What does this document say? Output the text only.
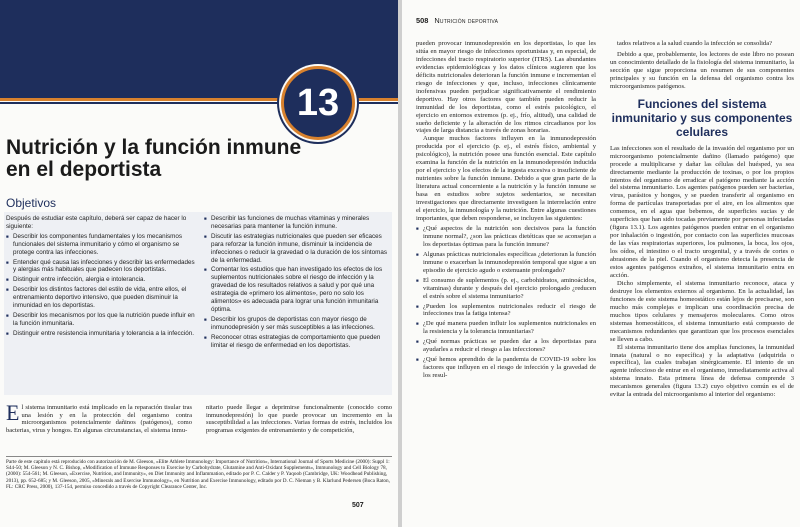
13
Nutrición y la función inmune en el deportista
Objetivos
Después de estudiar este capítulo, deberá ser capaz de hacer lo siguiente:
■ Describir los componentes fundamentales y los mecanismos funcionales del sistema inmunitario y cómo el organismo se protege contra las infecciones.
■ Entender qué causa las infecciones y describir las enfermedades y alergias más habituales que padecen los deportistas.
■ Distinguir entre infección, alergia e intolerancia.
■ Describir los distintos factores del estilo de vida, entre ellos, el entrenamiento deportivo intensivo, que pueden disminuir la inmunidad en los deportistas.
■ Describir los mecanismos por los que la nutrición puede influir en la función inmunitaria.
■ Distinguir entre resistencia inmunitaria y tolerancia a la infección.
■ Describir las funciones de muchas vitaminas y minerales necesarias para mantener la función inmune.
■ Discutir las estrategias nutricionales que pueden ser eficaces para reforzar la función inmune, disminuir la incidencia de infecciones o reducir la gravedad o la duración de los síntomas de la enfermedad.
■ Comentar los estudios que han investigado los efectos de los suplementos nutricionales sobre el riesgo de infección y la gravedad de los resultados relativos a salud y por qué una estrategia de «primero los alimentos», pero no solo los alimentos» es adecuada para lograr una función inmunitaria óptima.
■ Describir los grupos de deportistas con mayor riesgo de inmunodepresión y ser más susceptibles a las infecciones.
■ Reconocer otras estrategias de comportamiento que pueden limitar el riesgo de enfermedad en los deportistas.
El sistema inmunitario está implicado en la reparación tisular tras una lesión y en la protección del organismo contra microorganismos potencialmente dañinos (patógenos), como bacterias, virus y hongos. En algunas circunstancias, el sistema inmu-
nitario puede llegar a deprimirse funcionalmente (conocido como inmunodepresión) lo que puede provocar un incremento en la susceptibilidad a las infecciones. Varias formas de estrés, incluidos los programas exigentes de entrenamiento y de competición,
Parte de este capítulo está reproducido con autorización de M. Gleeson, «Elite Athlete Immunology: Importance of Nutrition», International Journal of Sports Medicine (2000): Suppl 1: S44-50; M. Gleeson y N. C. Bishop, «Modification of Immune Responses to Exercise by Carbohydrate, Glutamine and Anti-Oxidant Supplements», Immunology and Cell Biology 78, (2000): 554-561; M. Gleeson, «Exercise, Nutrition, and Immunity», en Diet Immunity and Inflammation, editado por P. C. Calder y P. Yaqoob (Cambridge, UK: Woodhead Publishing, 2013), pp. 652-685; y M. Gleeson, 2005, «Minerals and Exercise Immunology», en Nutrition and Exercise Immunology, editado por D. C. Nieman y B. Klarlund Pedersen (Boca Raton, FL: CRC Press, 2000), 137-154, permiso concedido a través de Copyright Clearance Center, Inc.
507
508 Nutrición deportiva

pueden provocar inmunodepresión en los deportistas, lo que les sitúa en mayor riesgo de infecciones oportunistas y, en especial, de infecciones del tracto respiratorio superior (ITRS). Las abundantes evidencias epidemiológicas y los datos clínicos sugieren que los déficits nutricionales deterioran la función inmune e incrementan el riesgo de infecciones y que, incluso, infecciones clínicamente inofensivas pueden perjudicar significativamente el rendimiento deportivo. Hay otros factores que también pueden reducir la inmunidad de los deportistas, como el estrés psicológico, el ejercicio en entornos extremos (p. ej., frío, altitud), una calidad de sueño deficiente y la alteración de los ritmos circadianos por los viajes de larga distancia a través de zonas horarias.

Aunque muchos factores influyen en la inmunodepresión producida por el ejercicio (p. ej., el estrés físico, ambiental y psicológico), la nutrición posee una función esencial. Este capítulo examina la función de la nutrición en la inmunodepresión inducida por el ejercicio y los efectos de la ingesta excesiva o insuficiente de nutrientes sobre la función inmune. Debido a que gran parte de la literatura actual concerniente a la nutrición y la función inmune se basa en estudios sobre sujetos sedentarios, se necesitan investigaciones que directamente investiguen la interrelación entre el ejercicio, la inmunología y la nutrición. Entre algunas cuestiones importantes, que deben responderse, se incluyen las siguientes:

■ ¿Qué aspectos de la nutrición son decisivos para la función inmune normal?, ¿son las prácticas dietéticas que se aconsejan a los deportistas óptimas para la función inmune?
■ Algunas prácticas nutricionales específicas ¿deterioran la función inmune o exacerban la inmunodepresión temporal que sigue a un episodio de ejercicio agudo o extenuante prolongado?
■ El consumo de suplementos (p. ej., carbohidratos, aminoácidos, vitaminas) durante y después del ejercicio prolongado ¿reducen el estrés sobre el sistema inmunitario?
■ ¿Pueden los suplementos nutricionales reducir el riesgo de infecciones tras la fatiga intensa?
■ ¿De qué manera pueden influir los suplementos nutricionales en la resistencia y la tolerancia inmunitarias?
■ ¿Qué normas prácticas se pueden dar a los deportistas para ayudarles a reducir el riesgo a las infecciones?
■ ¿Qué hemos aprendido de la pandemia de COVID-19 sobre los factores que influyen en el riesgo de infección y la gravedad de los resul-

tados relativos a la salud cuando la infección se consolida?

Debido a que, probablemente, los lectores de este libro no posean un conocimiento detallado de la fisiología del sistema inmunitario, la sección que sigue proporciona un resumen de sus componentes principales y su función en la defensa del organismo contra los microorganismos patógenos.

Funciones del sistema inmunitario y sus componentes celulares

Las infecciones son el resultado de la invasión del organismo por un microorganismo potencialmente dañino (llamado patógeno) que procede a multiplicarse y dañar las células del huésped, ya sea directamente mediante la producción de toxinas, o por los propios intentos del organismo de erradicar el patógeno mediante la acción del sistema inmunitario. Los agentes patógenos pueden ser bacterias, virus, parásitos y hongos, y se pueden transferir al organismo en forma de partículas transportadas por el aire, en los alimentos que comemos, en el agua que bebemos, de superficies sucias y de superficies que han sido tocadas previamente por personas infectadas (figura 13.1). Los agentes patógenos pueden entrar en el organismo por inhalación o ingestión, por contacto con las superficies mucosas de las vías respiratorias superiores, los pulmones, la boca, los ojos, los oídos, el intestino o el tracto urogenital, y a través de cortes o abrasiones de la piel. Cuando el organismo detecta la presencia de estos agentes patógenos extraños, el sistema inmunitario entra en acción.

Dicho simplemente, el sistema inmunitario reconoce, ataca y destruye los elementos externos al organismo. En la actualidad, las funciones de este sistema homeostático están lejos de precisarse, son mucho más complejas e implican una coordinación precisa de muchos tipos celulares y mensajeros moleculares. Como otros sistemas homeostáticos, el sistema inmunitario está compuesto de mecanismos redundantes que garantizan que los procesos esenciales se lleven a cabo.

El sistema inmunitario tiene dos amplias funciones, la inmunidad innata (natural o no específica) y la adaptativa (adquirida o específica), las cuales trabajan sinérgicamente. El intento de un agente infeccioso de entrar en el organismo, inmediatamente activa al sistema innato. Esta primera línea de defensa comprende 3 mecanismos generales (figura 13.2) cuyo objetivo común es el de evitar la entrada del microorganismo al interior del organismo:
